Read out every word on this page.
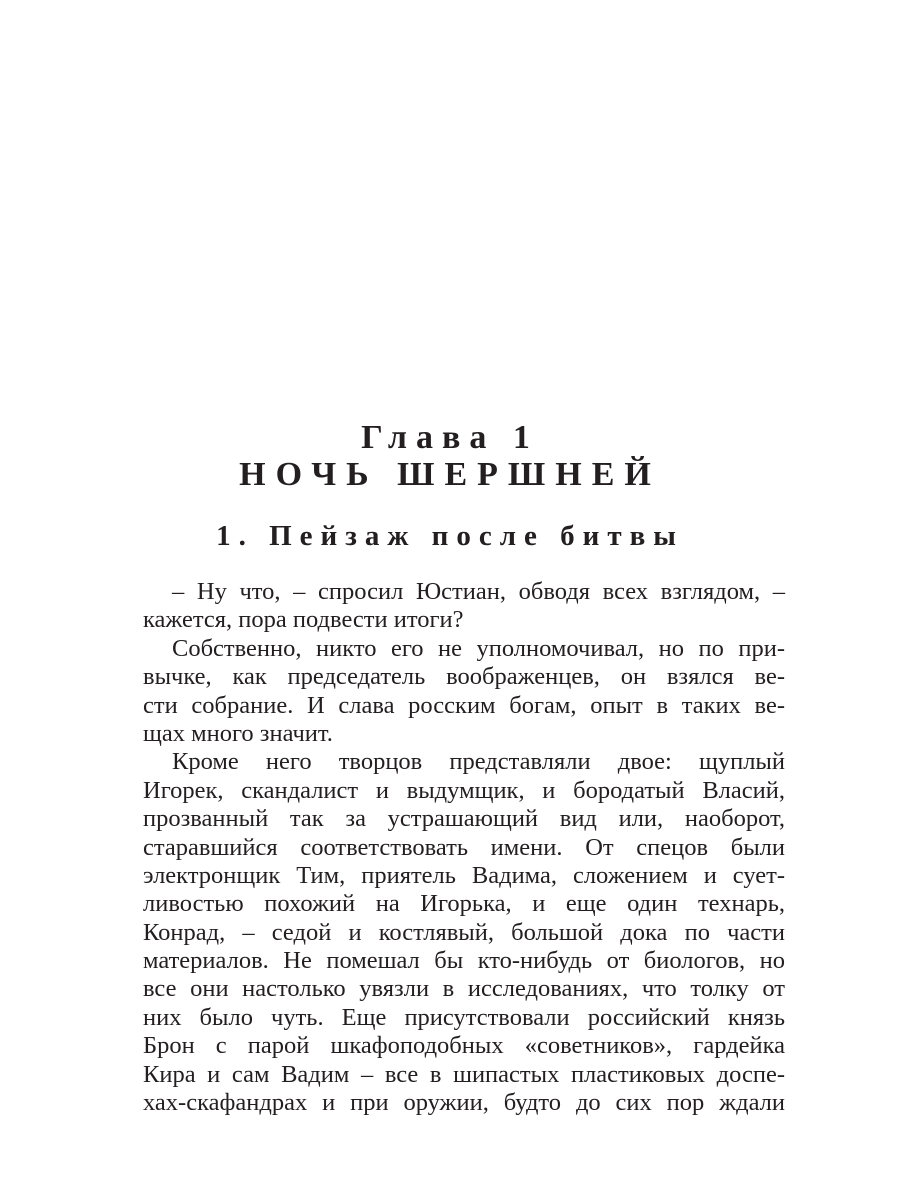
Глава 1
НОЧЬ ШЕРШНЕЙ
1. Пейзаж после битвы
– Ну что, – спросил Юстиан, обводя всех взглядом, –
кажется, пора подвести итоги?
Собственно, никто его не уполномочивал, но по при-
вычке, как председатель воображенцев, он взялся ве-
сти собрание. И слава росским богам, опыт в таких ве-
щах много значит.
Кроме него творцов представляли двое: щуплый
Игорек, скандалист и выдумщик, и бородатый Власий,
прозванный так за устрашающий вид или, наоборот,
старавшийся соответствовать имени. От спецов были
электронщик Тим, приятель Вадима, сложением и сует-
ливостью похожий на Игорька, и еще один технарь,
Конрад, – седой и костлявый, большой дока по части
материалов. Не помешал бы кто-нибудь от биологов, но
все они настолько увязли в исследованиях, что толку от
них было чуть. Еще присутствовали российский князь
Брон с парой шкафоподобных «советников», гардейка
Кира и сам Вадим – все в шипастых пластиковых доспе-
хах-скафандрах и при оружии, будто до сих пор ждали
